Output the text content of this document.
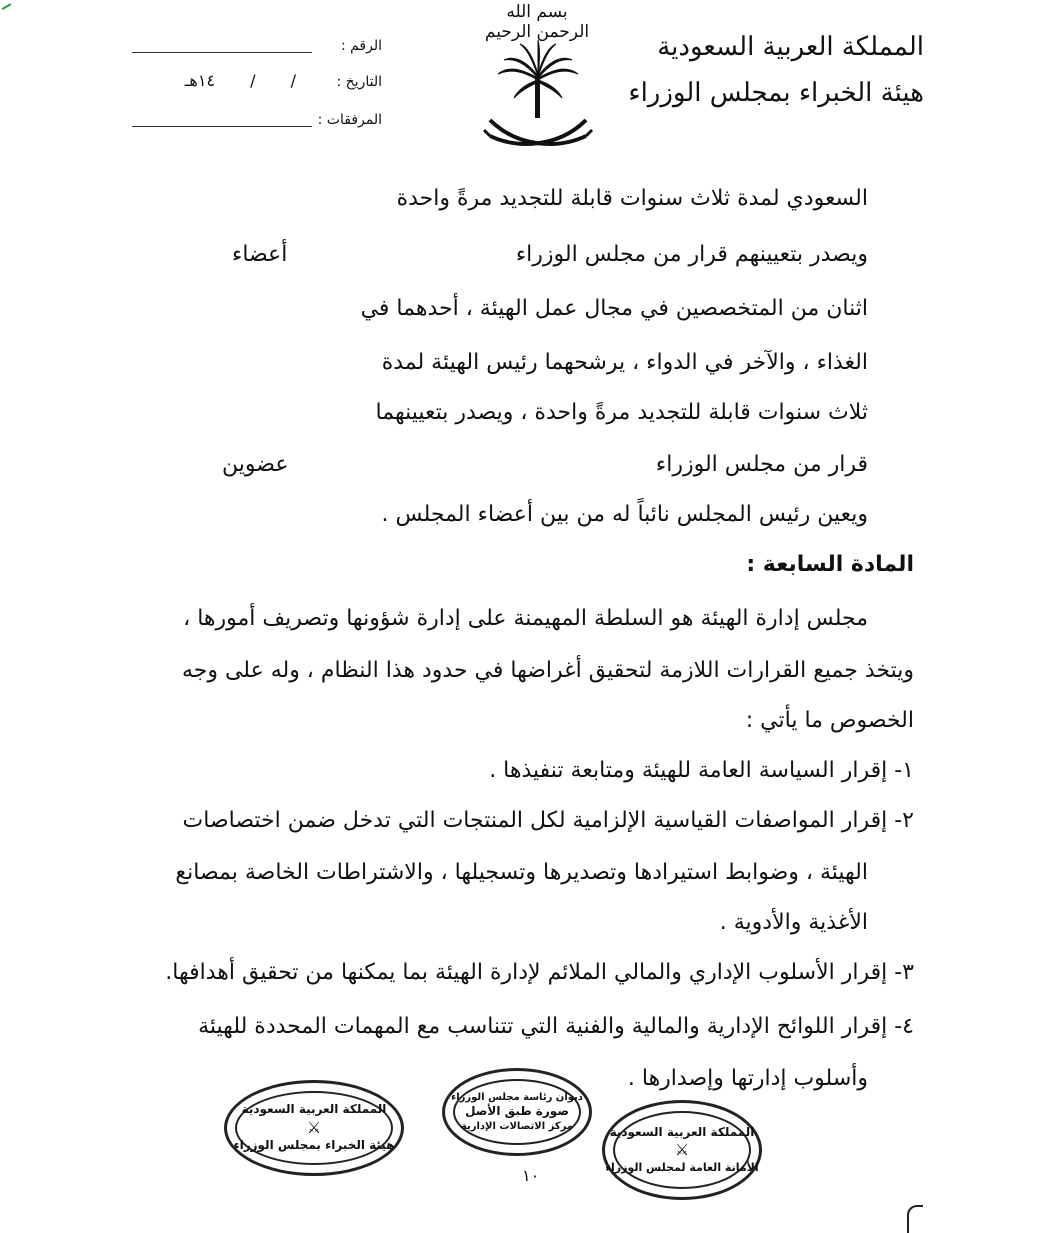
بسم الله الرحمن الرحيم	المملكة العربية السعودية
هيئة الخبراء بمجلس الوزراء
الرقم :
التاريخ :
/ / ١٤هـ
المرفقات :
السعودي لمدة ثلاث سنوات قابلة للتجديد مرةً واحدة
ويصدر بتعيينهم قرار من مجلس الوزراء
أعضاء
اثنان من المتخصصين في مجال عمل الهيئة ، أحدهما في
الغذاء ، والآخر في الدواء ، يرشحهما رئيس الهيئة لمدة
ثلاث سنوات قابلة للتجديد مرةً واحدة ، ويصدر بتعيينهما
قرار من مجلس الوزراء
عضوين
ويعين رئيس المجلس نائباً له من بين أعضاء المجلس .
المادة السابعة :
مجلس إدارة الهيئة هو السلطة المهيمنة على إدارة شؤونها وتصريف أمورها ،
ويتخذ جميع القرارات اللازمة لتحقيق أغراضها في حدود هذا النظام ، وله على وجه
الخصوص ما يأتي :
١- إقرار السياسة العامة للهيئة ومتابعة تنفيذها .
٢- إقرار المواصفات القياسية الإلزامية لكل المنتجات التي تدخل ضمن اختصاصات
الهيئة ، وضوابط استيرادها وتصديرها وتسجيلها ، والاشتراطات الخاصة بمصانع
الأغذية والأدوية .
٣- إقرار الأسلوب الإداري والمالي الملائم لإدارة الهيئة بما يمكنها من تحقيق أهدافها.
٤- إقرار اللوائح الإدارية والمالية والفنية التي تتناسب مع المهمات المحددة للهيئة
وأسلوب إدارتها وإصدارها .
المملكة العربية السعودية
⚔
هيئة الخبراء بمجلس الوزراء
ديوان رئاسة مجلس الوزراء
صورة طبق الأصل
مركز الاتصالات الإدارية	المملكة العربية السعودية
⚔
الأمانة العامة لمجلس الوزراء
١٠
